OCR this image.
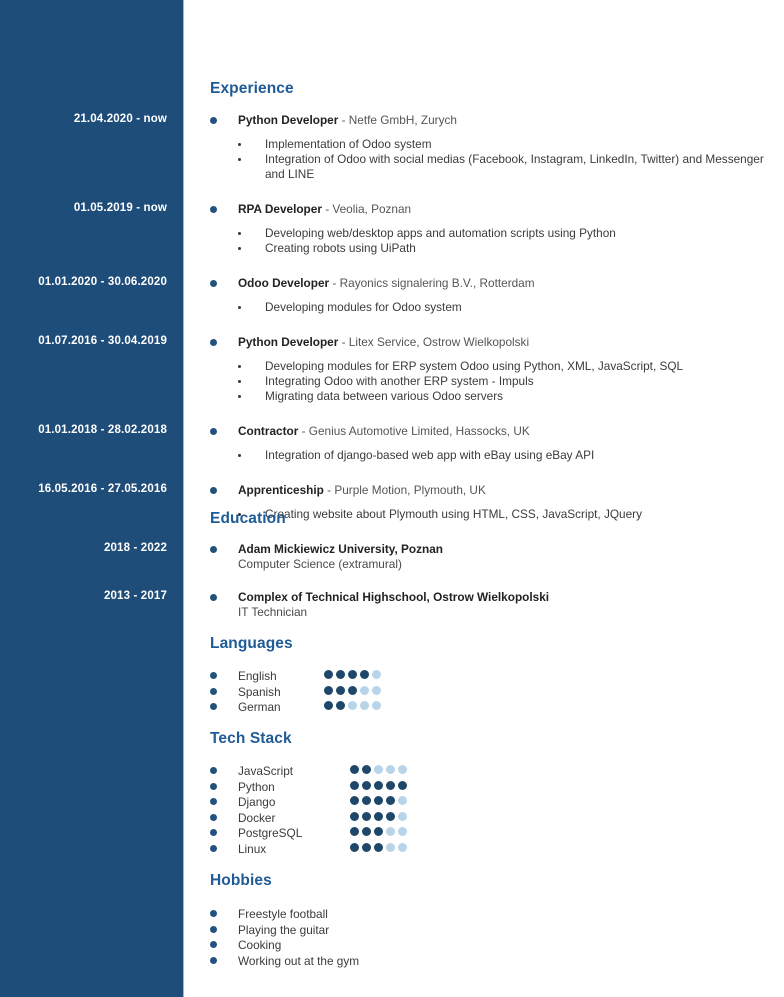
21.04.2020 - now
01.05.2019 - now
01.01.2020 - 30.06.2020
01.07.2016 - 30.04.2019
01.01.2018 - 28.02.2018
16.05.2016 - 27.05.2016
2018 - 2022
2013 - 2017
Experience
Python Developer - Netfe GmbH, Zurych
Implementation of Odoo system
Integration of Odoo with social medias (Facebook, Instagram, LinkedIn, Twitter) and Messenger and LINE
RPA Developer - Veolia, Poznan
Developing web/desktop apps and automation scripts using Python
Creating robots using UiPath
Odoo Developer - Rayonics signalering B.V., Rotterdam
Developing modules for Odoo system
Python Developer - Litex Service, Ostrow Wielkopolski
Developing modules for ERP system Odoo using Python, XML, JavaScript, SQL
Integrating Odoo with another ERP system - Impuls
Migrating data between various Odoo servers
Contractor - Genius Automotive Limited, Hassocks, UK
Integration of django-based web app with eBay using eBay API
Apprenticeship - Purple Motion, Plymouth, UK
Creating website about Plymouth using HTML, CSS, JavaScript, JQuery
Education
Adam Mickiewicz University, Poznan
Computer Science (extramural)
Complex of Technical Highschool, Ostrow Wielkopolski
IT Technician
Languages
English
Spanish
German
Tech Stack
JavaScript
Python
Django
Docker
PostgreSQL
Linux
Hobbies
Freestyle football
Playing the guitar
Cooking
Working out at the gym
